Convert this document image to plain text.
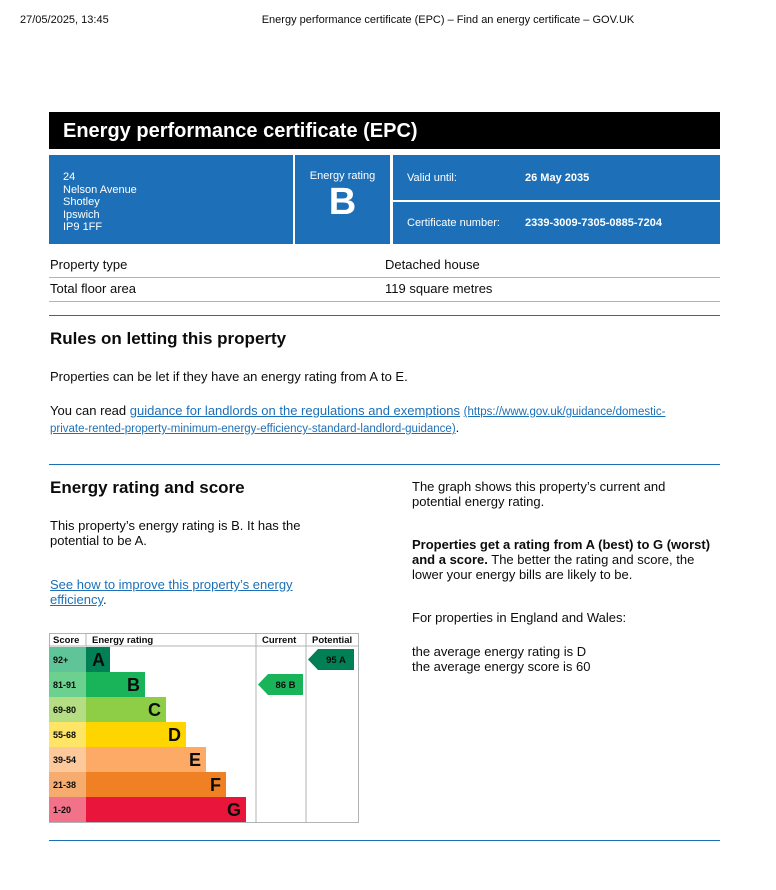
27/05/2025, 13:45	Energy performance certificate (EPC) – Find an energy certificate – GOV.UK
Energy performance certificate (EPC)
24
Nelson Avenue
Shotley
Ipswich
IP9 1FF
Energy rating
B
Valid until:	26 May 2035
Certificate number: 2339-3009-7305-0885-7204
Property type	Detached house
Total floor area	119 square metres
Rules on letting this property
Properties can be let if they have an energy rating from A to E.
You can read guidance for landlords on the regulations and exemptions (https://www.gov.uk/guidance/domestic-
private-rented-property-minimum-energy-efficiency-standard-landlord-guidance).
Energy rating and score
This property’s energy rating is B. It has the
potential to be A.
See how to improve this property’s energy
efficiency.
The graph shows this property’s current and
potential energy rating.
Properties get a rating from A (best) to G (worst)
and a score. The better the rating and score, the
lower your energy bills are likely to be.
For properties in England and Wales:
the average energy rating is D
the average energy score is 60
Score Energy rating	Current Potential
92+ A
81-91	B
69-80	C
55-68	D
39-54	E
21-38	F
1-20	G
86 B
95 A
